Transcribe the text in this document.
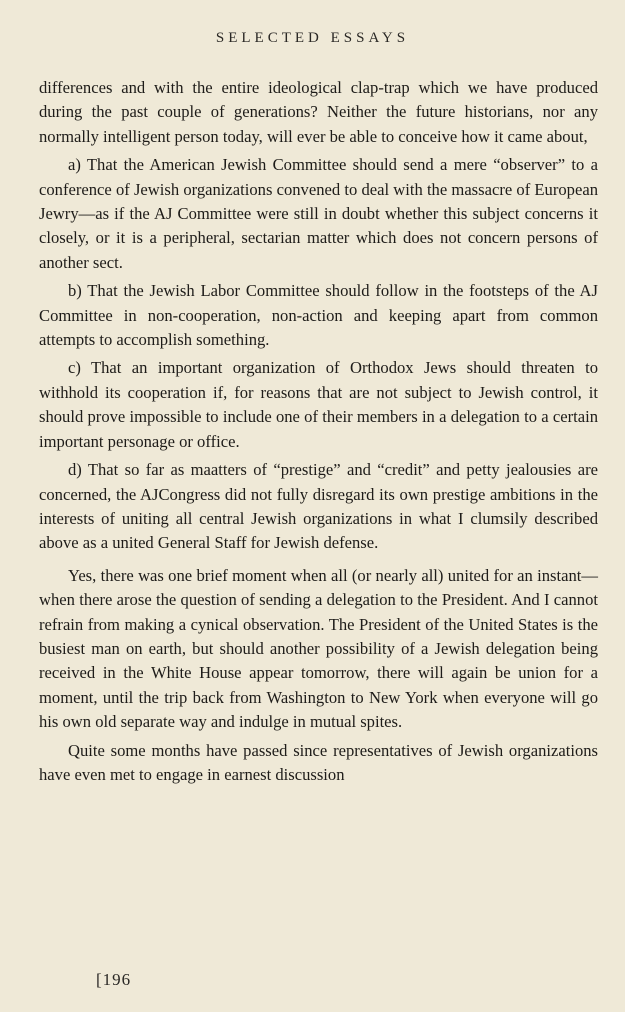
SELECTED ESSAYS

differences and with the entire ideological clap-trap which we have produced during the past couple of generations? Neither the future historians, nor any normally intelligent person today, will ever be able to conceive how it came about,

a) That the American Jewish Committee should send a mere “observer” to a conference of Jewish organizations convened to deal with the massacre of European Jewry—as if the AJ Committee were still in doubt whether this subject concerns it closely, or it is a peripheral, sectarian matter which does not concern persons of another sect.

b) That the Jewish Labor Committee should follow in the footsteps of the AJ Committee in non-cooperation, non-action and keeping apart from common attempts to accomplish something.

c) That an important organization of Orthodox Jews should threaten to withhold its cooperation if, for reasons that are not subject to Jewish control, it should prove impossible to include one of their members in a delegation to a certain important personage or office.

d) That so far as maatters of “prestige” and “credit” and petty jealousies are concerned, the AJCongress did not fully disregard its own prestige ambitions in the interests of uniting all central Jewish organizations in what I clumsily described above as a united General Staff for Jewish defense.

Yes, there was one brief moment when all (or nearly all) united for an instant—when there arose the question of sending a delegation to the President. And I cannot refrain from making a cynical observation. The President of the United States is the busiest man on earth, but should another possibility of a Jewish delegation being received in the White House appear tomorrow, there will again be union for a moment, until the trip back from Washington to New York when everyone will go his own old separate way and indulge in mutual spites.

Quite some months have passed since representatives of Jewish organizations have even met to engage in earnest discussion

[196
